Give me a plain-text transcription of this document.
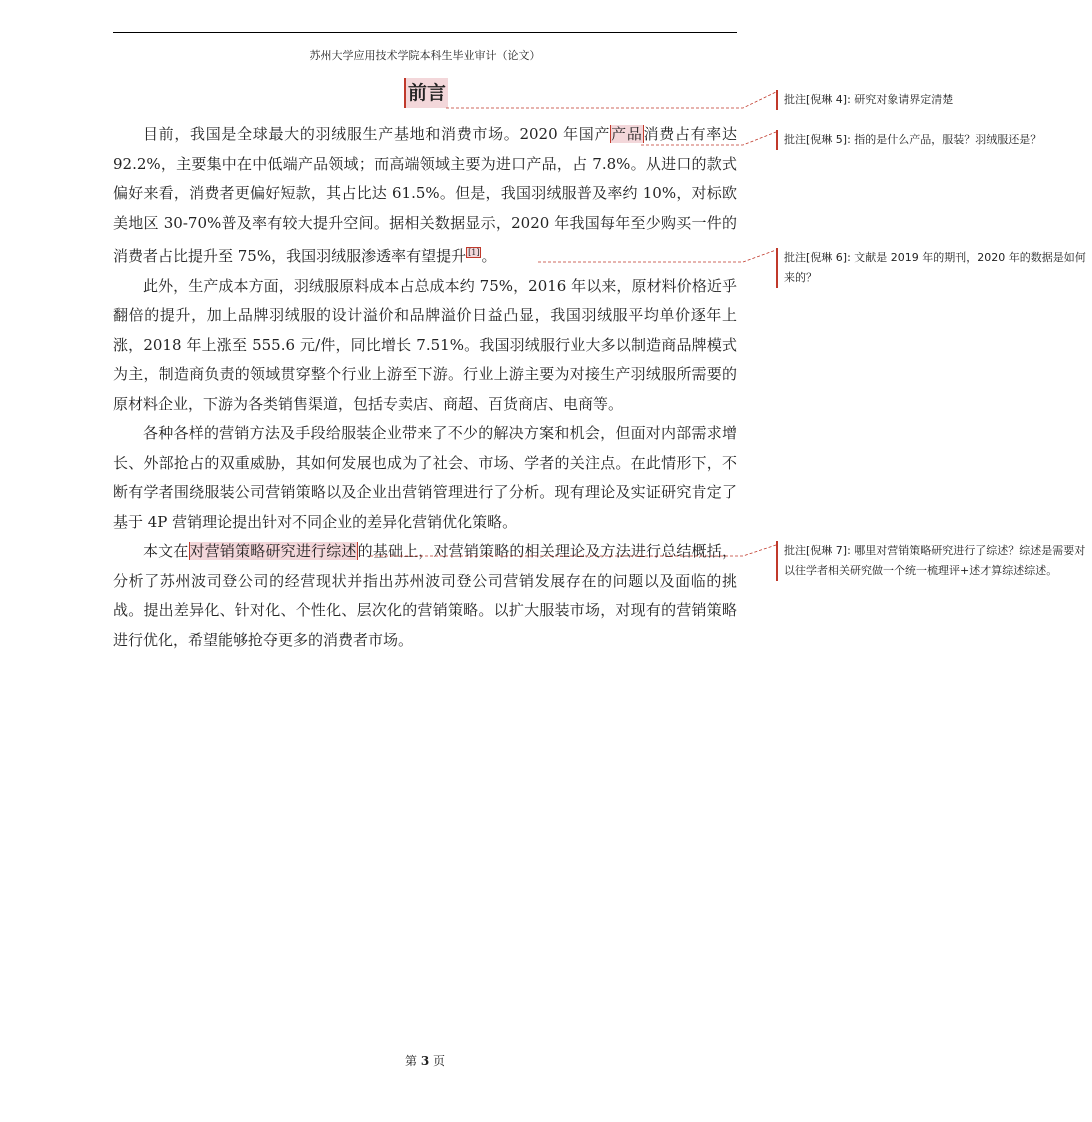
苏州大学应用技术学院本科生毕业审计（论文）
前言

目前，我国是全球最大的羽绒服生产基地和消费市场。2020 年国产产品消费占有率达 92.2%，主要集中在中低端产品领域；而高端领域主要为进口产品，占 7.8%。从进口的款式偏好来看，消费者更偏好短款，其占比达 61.5%。但是，我国羽绒服普及率约 10%，对标欧美地区 30-70%普及率有较大提升空间。据相关数据显示，2020 年我国每年至少购买一件的消费者占比提升至 75%，我国羽绒服渗透率有望提升 [1] 。

此外，生产成本方面，羽绒服原料成本占总成本约 75%，2016 年以来，原材料价格近乎翻倍的提升，加上品牌羽绒服的设计溢价和品牌溢价日益凸显，我国羽绒服平均单价逐年上涨，2018 年上涨至 555.6 元/件，同比增长 7.51%。我国羽绒服行业大多以制造商品牌模式为主，制造商负责的领域贯穿整个行业上游至下游。行业上游主要为对接生产羽绒服所需要的原材料企业，下游为各类销售渠道，包括专卖店、商超、百货商店、电商等。

各种各样的营销方法及手段给服装企业带来了不少的解决方案和机会，但面对内部需求增长、外部抢占的双重威胁，其如何发展也成为了社会、市场、学者的关注点。在此情形下，不断有学者围绕服装公司营销策略以及企业出营销管理进行了分析。现有理论及实证研究肯定了基于 4P 营销理论提出针对不同企业的差异化营销优化策略。

本文在对营销策略研究进行综述的基础上，对营销策略的相关理论及方法进行总结概括，分析了苏州波司登公司的经营现状并指出苏州波司登公司营销发展存在的问题以及面临的挑战。提出差异化、针对化、个性化、层次化的营销策略。以扩大服装市场，对现有的营销策略进行优化，希望能够抢夺更多的消费者市场。

批注[倪琳 4]: 研究对象请界定清楚
批注[倪琳 5]: 指的是什么产品，服装？羽绒服还是？
批注[倪琳 6]: 文献是 2019 年的期刊，2020 年的数据是如何来的？
批注[倪琳 7]: 哪里对营销策略研究进行了综述？综述是需要对以往学者相关研究做一个统一梳理评+述才算综述综述。
第 3 页
